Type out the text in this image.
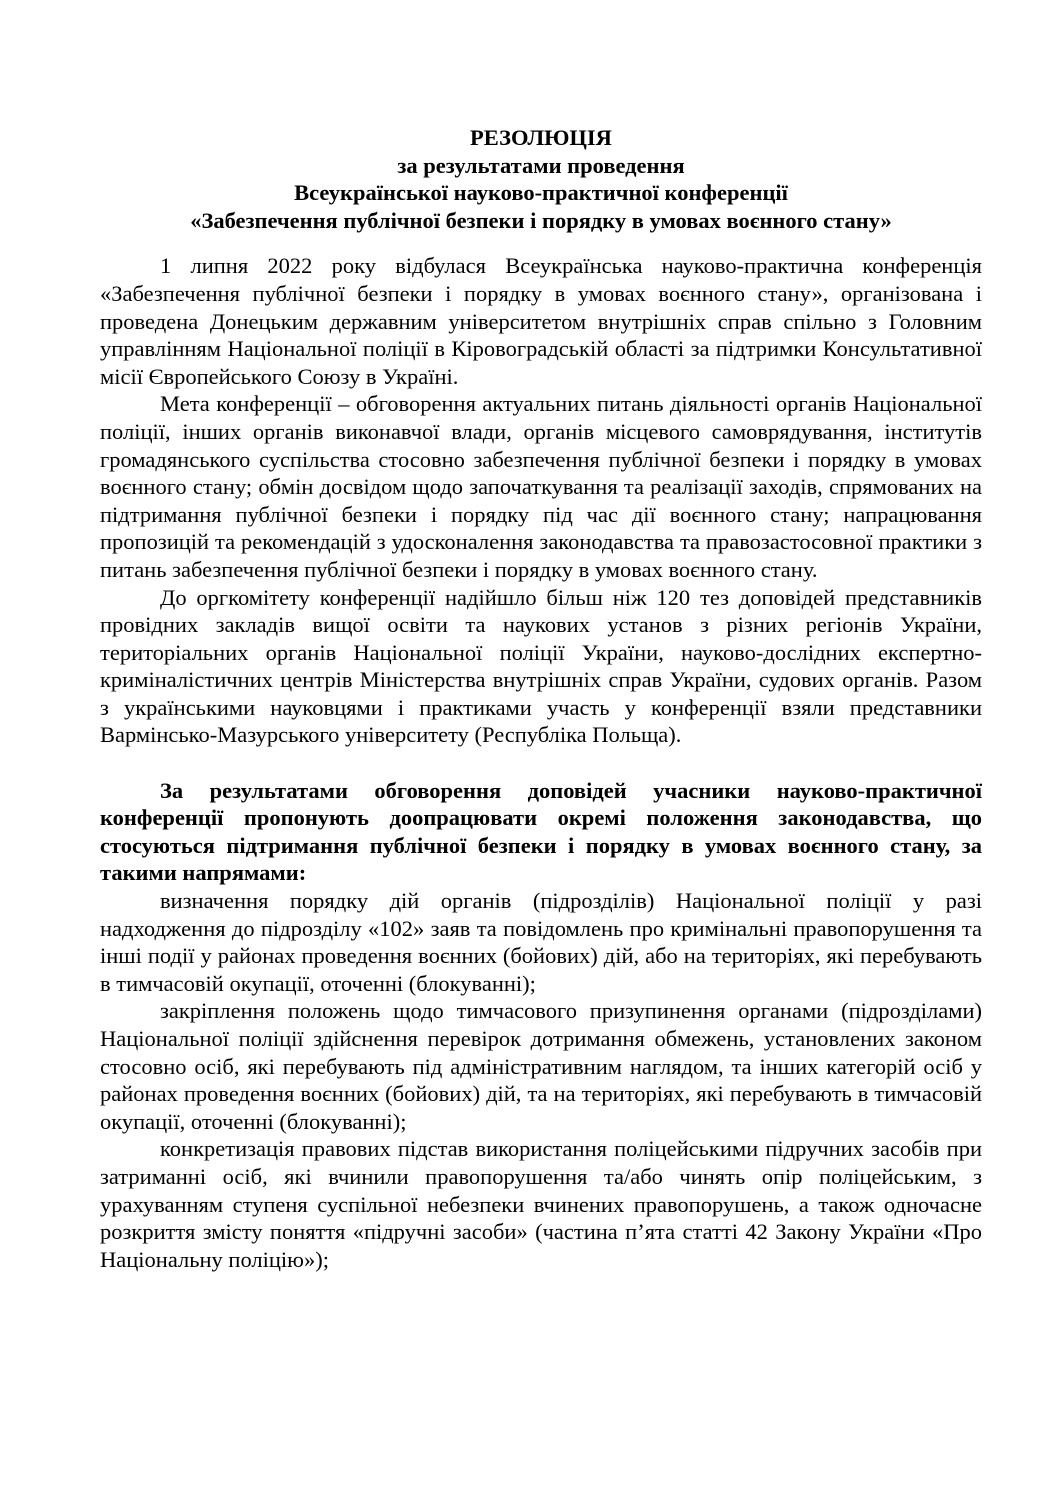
РЕЗОЛЮЦІЯ
за результатами проведення
Всеукраїнської науково-практичної конференції
«Забезпечення публічної безпеки і порядку в умовах воєнного стану»

1 липня 2022 року відбулася Всеукраїнська науково-практична конференція «Забезпечення публічної безпеки і порядку в умовах воєнного стану», організована і проведена Донецьким державним університетом внутрішніх справ спільно з Головним управлінням Національної поліції в Кіровоградській області за підтримки Консультативної місії Європейського Союзу в Україні.

Мета конференції – обговорення актуальних питань діяльності органів Національної поліції, інших органів виконавчої влади, органів місцевого самоврядування, інститутів громадянського суспільства стосовно забезпечення публічної безпеки і порядку в умовах воєнного стану; обмін досвідом щодо започаткування та реалізації заходів, спрямованих на підтримання публічної безпеки і порядку під час дії воєнного стану; напрацювання пропозицій та рекомендацій з удосконалення законодавства та правозастосовної практики з питань забезпечення публічної безпеки і порядку в умовах воєнного стану.

До оргкомітету конференції надійшло більш ніж 120 тез доповідей представників провідних закладів вищої освіти та наукових установ з різних регіонів України, територіальних органів Національної поліції України, науково-дослідних експертно-криміналістичних центрів Міністерства внутрішніх справ України, судових органів. Разом з українськими науковцями і практиками участь у конференції взяли представники Вармінсько-Мазурського університету (Республіка Польща).

За результатами обговорення доповідей учасники науково-практичної конференції пропонують доопрацювати окремі положення законодавства, що стосуються підтримання публічної безпеки і порядку в умовах воєнного стану, за такими напрямами:

визначення порядку дій органів (підрозділів) Національної поліції у разі надходження до підрозділу «102» заяв та повідомлень про кримінальні правопорушення та інші події у районах проведення воєнних (бойових) дій, або на територіях, які перебувають в тимчасовій окупації, оточенні (блокуванні);

закріплення положень щодо тимчасового призупинення органами (підрозділами) Національної поліції здійснення перевірок дотримання обмежень, установлених законом стосовно осіб, які перебувають під адміністративним наглядом, та інших категорій осіб у районах проведення воєнних (бойових) дій, та на територіях, які перебувають в тимчасовій окупації, оточенні (блокуванні);

конкретизація правових підстав використання поліцейськими підручних засобів при затриманні осіб, які вчинили правопорушення та/або чинять опір поліцейським, з урахуванням ступеня суспільної небезпеки вчинених правопорушень, а також одночасне розкриття змісту поняття «підручні засоби» (частина п’ята статті 42 Закону України «Про Національну поліцію»);
